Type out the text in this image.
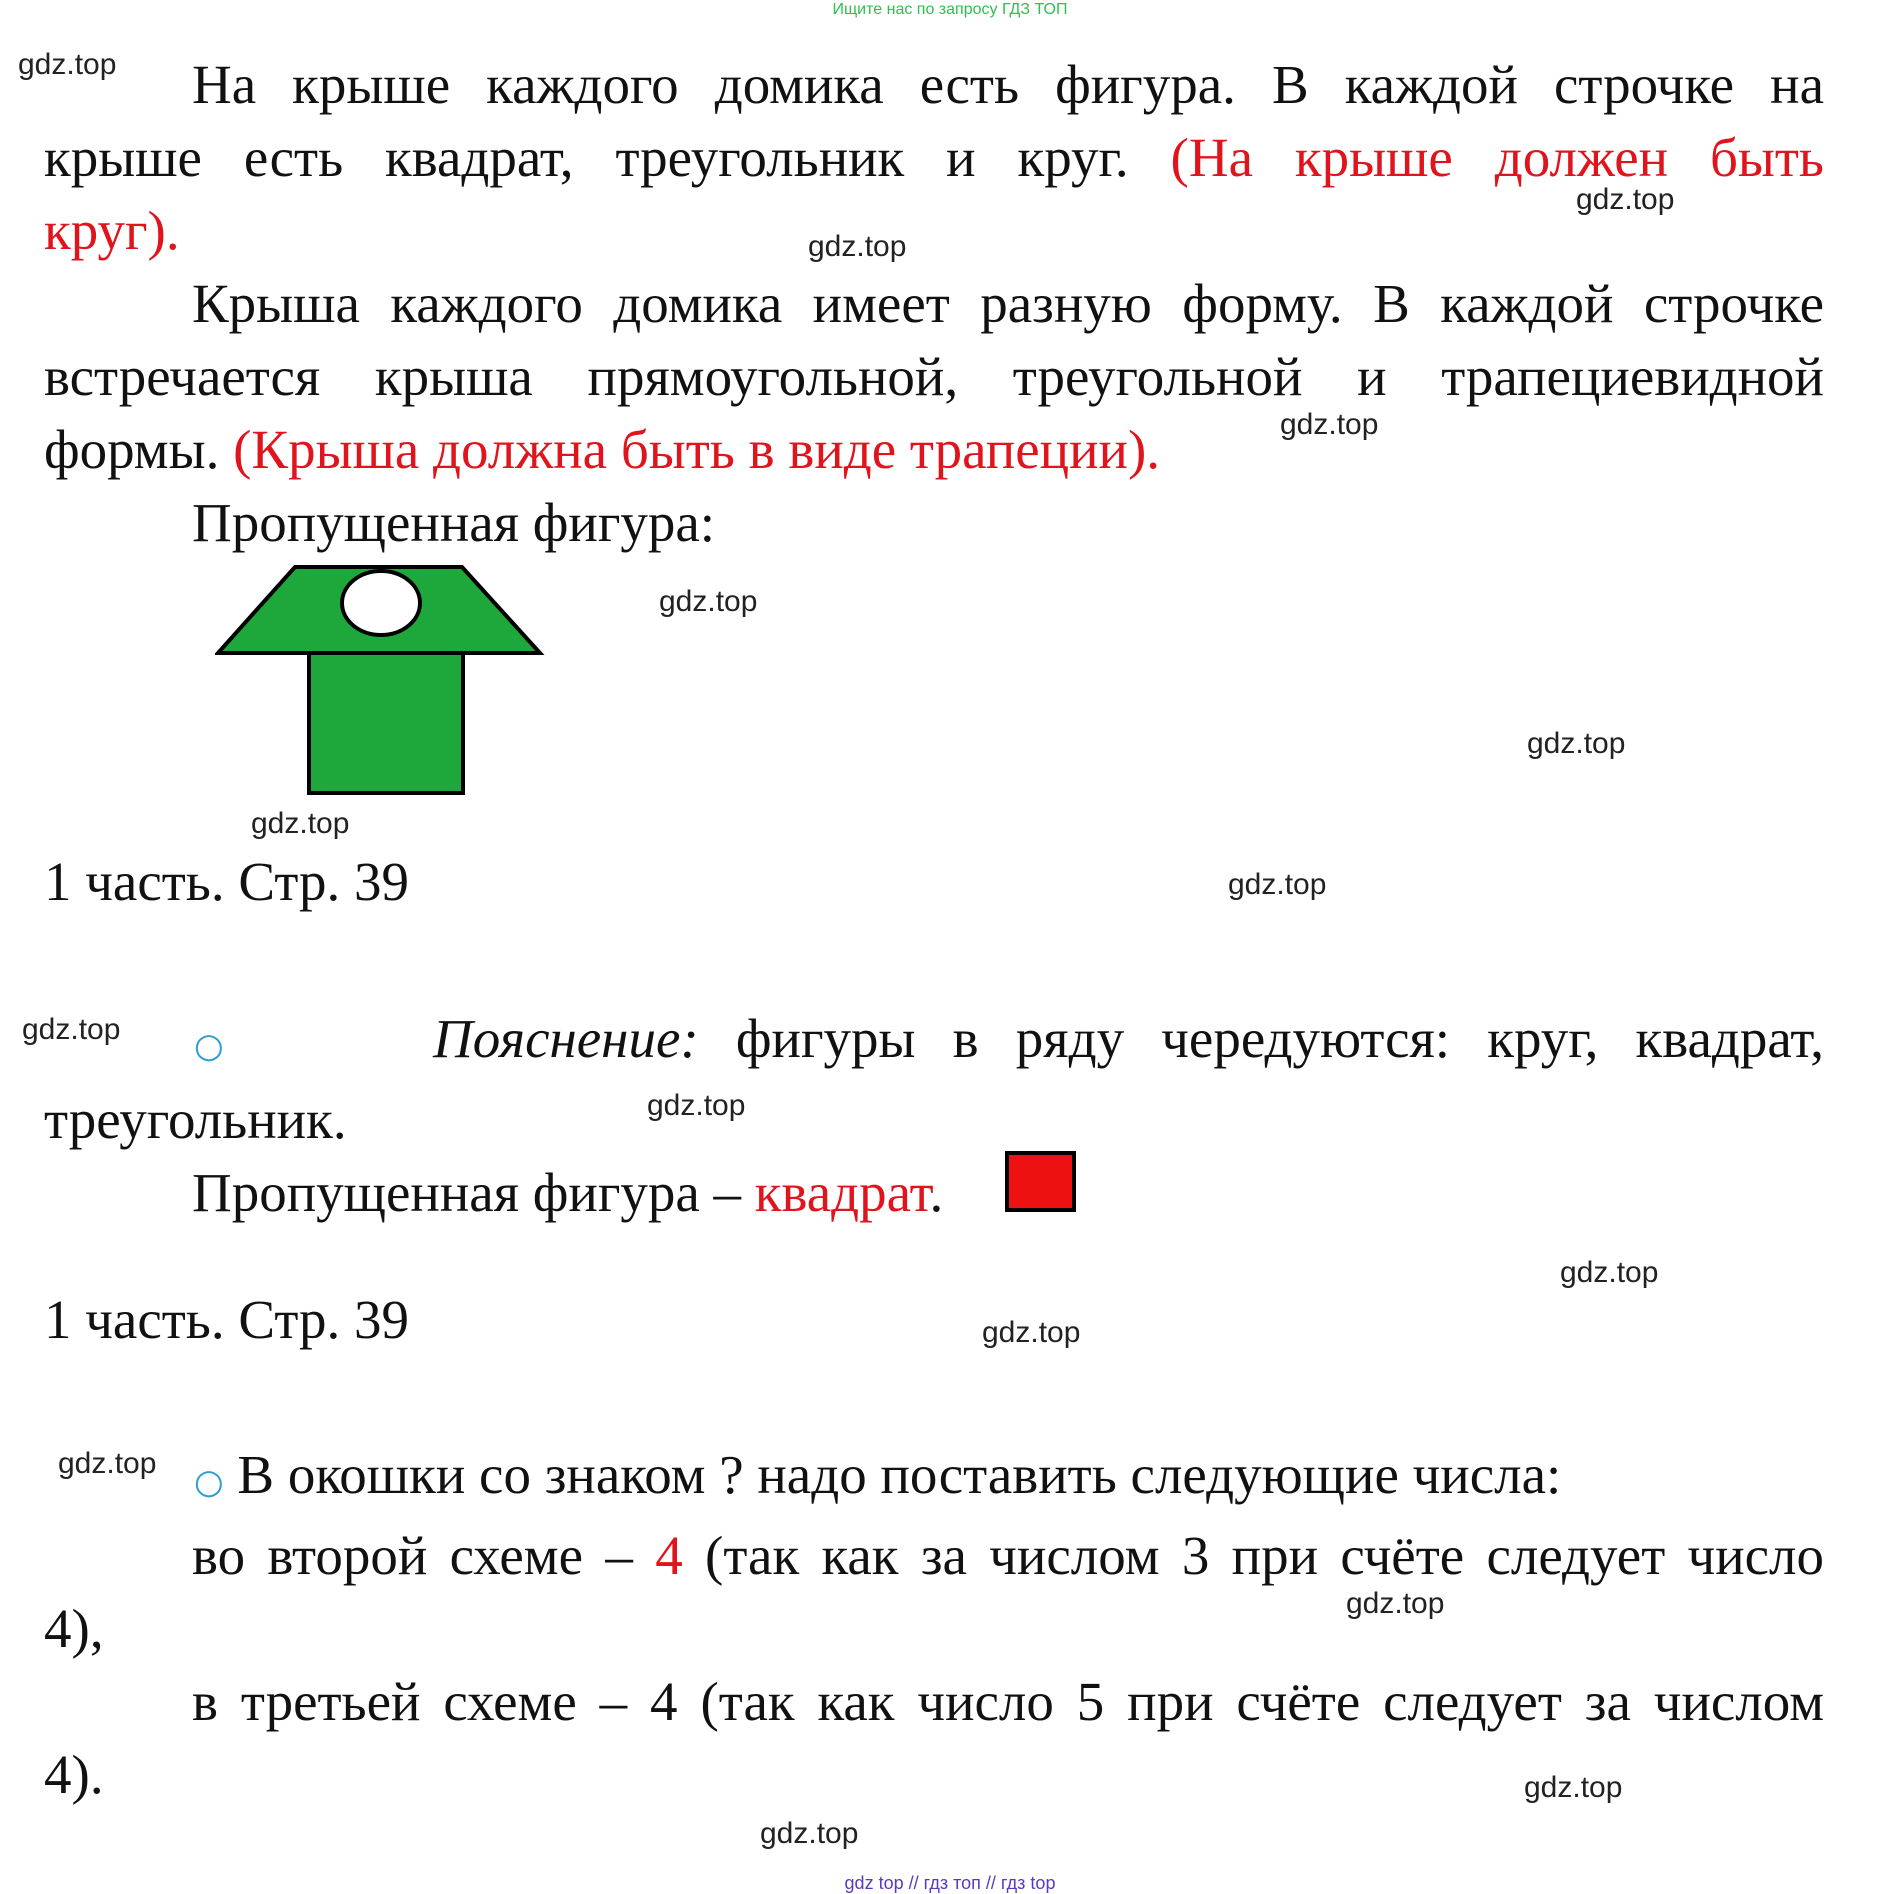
Ищите нас по запросу ГДЗ ТОП
gdz.top
gdz.top
gdz.top
gdz.top
gdz.top
gdz.top
gdz.top
gdz.top
gdz.top
gdz.top
gdz.top
gdz.top
gdz.top
gdz.top
gdz.top
gdz.top
На крыше каждого домика есть фигура. В каждой строчке на
крыше есть квадрат, треугольник и круг. (На крыше должен быть
круг).
Крыша каждого домика имеет разную форму. В каждой строчке
встречается крыша прямоугольной, треугольной и трапециевидной
формы. (Крыша должна быть в виде трапеции).
Пропущенная фигура:
1 часть. Стр. 39
○	Пояснение: фигуры в ряду чередуются: круг, квадрат,
треугольник.
Пропущенная фигура – квадрат.
1 часть. Стр. 39
○ В окошки со знаком ? надо поставить следующие числа:
во второй схеме – 4 (так как за числом 3 при счёте следует число
4),
в третьей схеме – 4 (так как число 5 при счёте следует за числом
4).
gdz top // гдз топ // гдз top
